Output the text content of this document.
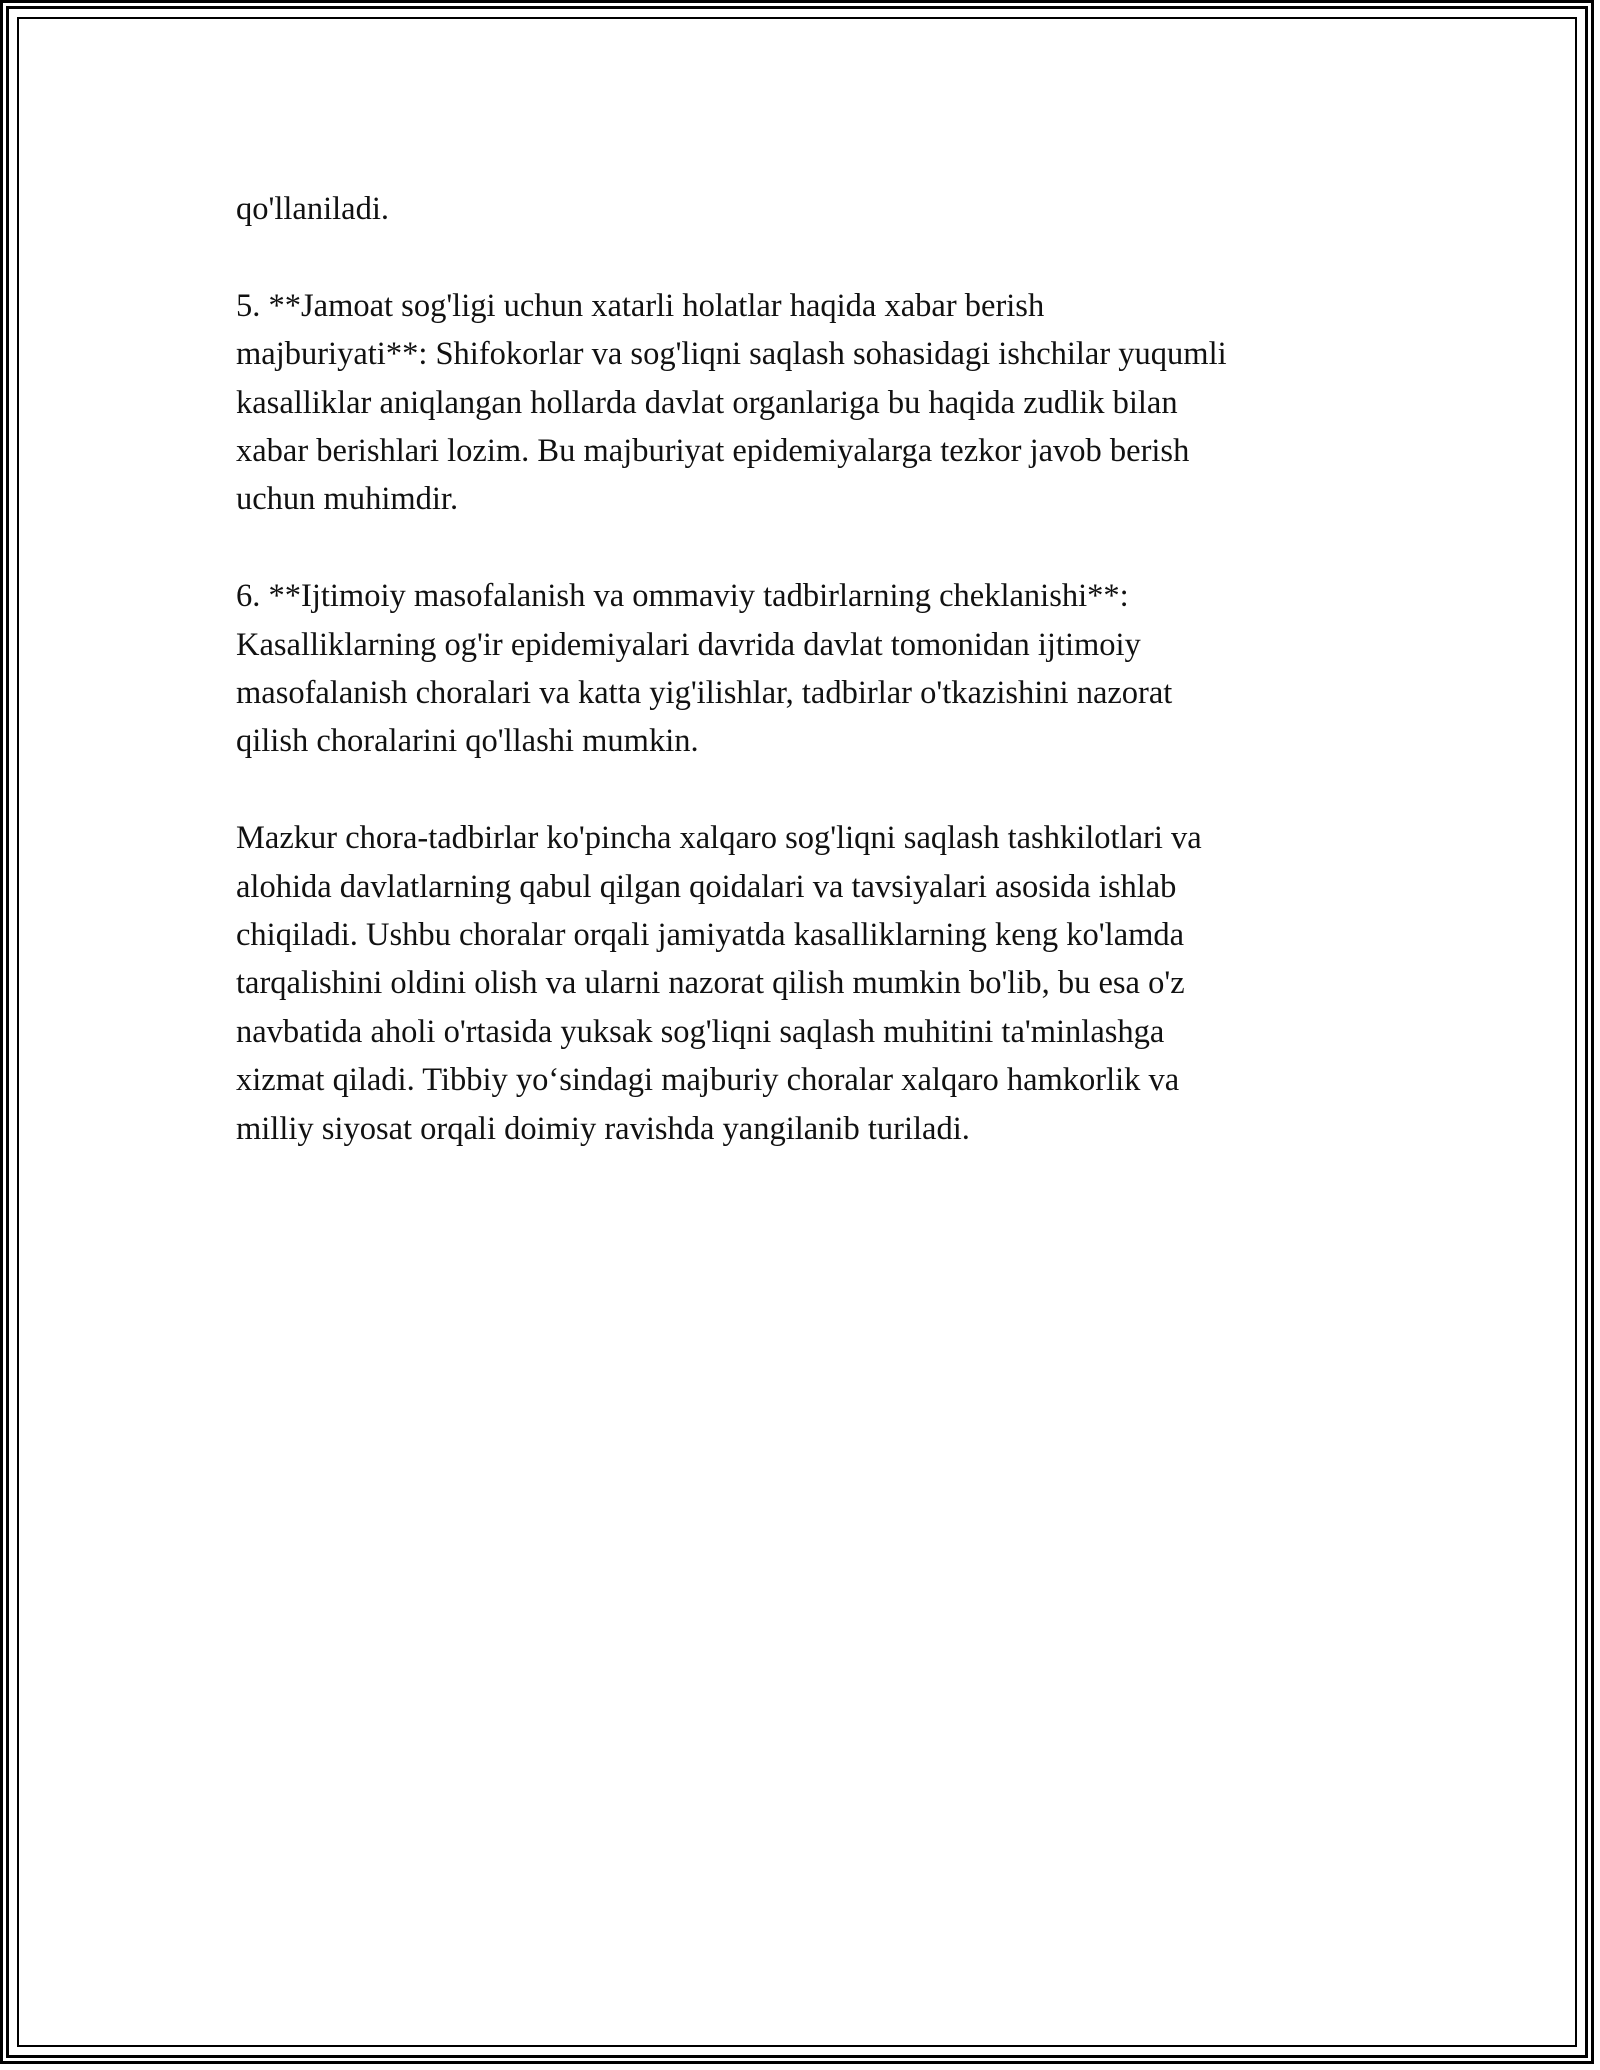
qo'llaniladi.

5. **Jamoat sog'ligi uchun xatarli holatlar haqida xabar berish
majburiyati**: Shifokorlar va sog'liqni saqlash sohasidagi ishchilar yuqumli
kasalliklar aniqlangan hollarda davlat organlariga bu haqida zudlik bilan
xabar berishlari lozim. Bu majburiyat epidemiyalarga tezkor javob berish
uchun muhimdir.

6. **Ijtimoiy masofalanish va ommaviy tadbirlarning cheklanishi**:
Kasalliklarning og'ir epidemiyalari davrida davlat tomonidan ijtimoiy
masofalanish choralari va katta yig'ilishlar, tadbirlar o'tkazishini nazorat
qilish choralarini qo'llashi mumkin.

Mazkur chora-tadbirlar ko'pincha xalqaro sog'liqni saqlash tashkilotlari va
alohida davlatlarning qabul qilgan qoidalari va tavsiyalari asosida ishlab
chiqiladi. Ushbu choralar orqali jamiyatda kasalliklarning keng ko'lamda
tarqalishini oldini olish va ularni nazorat qilish mumkin bo'lib, bu esa o'z
navbatida aholi o'rtasida yuksak sog'liqni saqlash muhitini ta'minlashga
xizmat qiladi. Tibbiy yo‘sindagi majburiy choralar xalqaro hamkorlik va
milliy siyosat orqali doimiy ravishda yangilanib turiladi.
